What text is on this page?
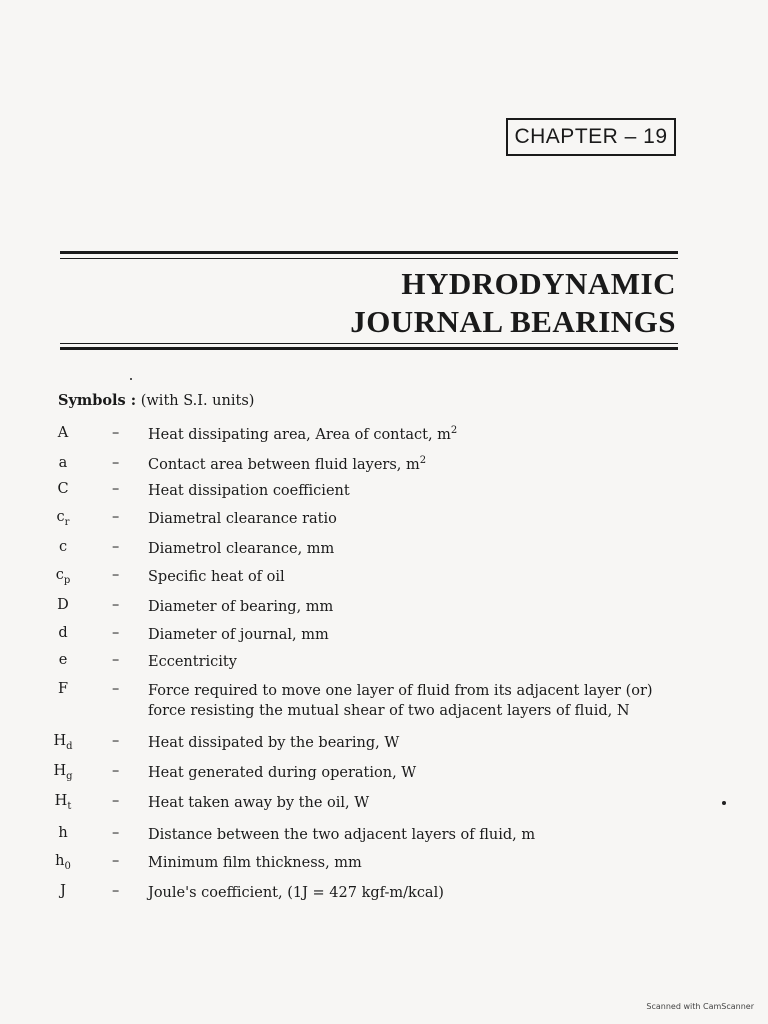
CHAPTER – 19
HYDRODYNAMIC
JOURNAL BEARINGS
Symbols : (with S.I. units)
A	– Heat dissipating area, Area of contact, $m^2$
a	– Contact area between fluid layers, $m^2$
C	– Heat dissipation coefficient
$c_r$	– Diametral clearance ratio
c	– Diametrol clearance, mm
$c_p$	– Specific heat of oil
D	– Diameter of bearing, mm
d	– Diameter of journal, mm
e	– Eccentricity
F	– Force required to move one layer of fluid from its adjacent layer (or)
force resisting the mutual shear of two adjacent layers of fluid, N
$H_d$	– Heat dissipated by the bearing, W
$H_g$	– Heat generated during operation, W
$H_t$	– Heat taken away by the oil, W
h	– Distance between the two adjacent layers of fluid, m
$h_0$	– Minimum film thickness, mm
J	– Joule's coefficient, (1J = 427 kgf-m/kcal)
Scanned with CamScanner
